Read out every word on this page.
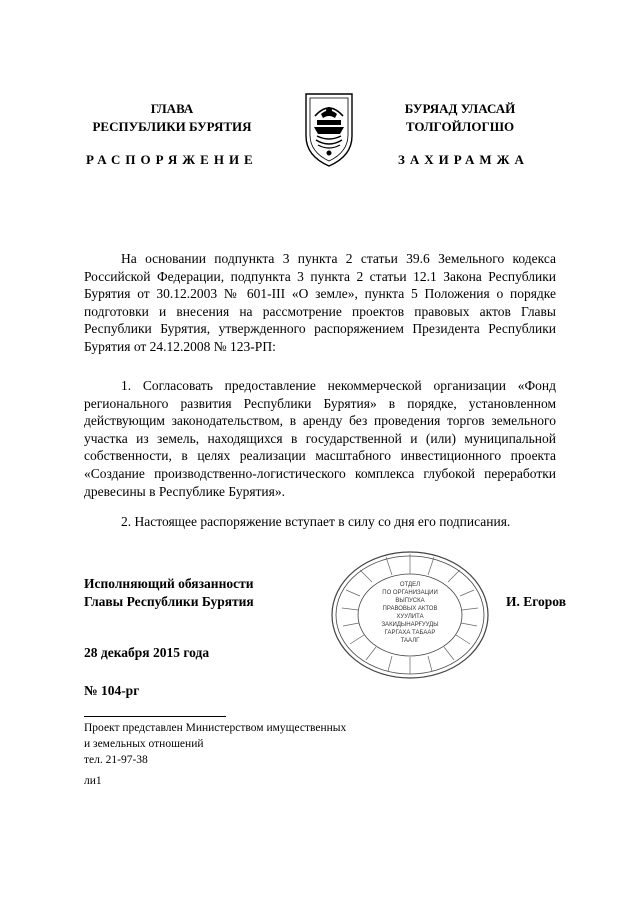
ГЛАВА
РЕСПУБЛИКИ БУРЯТИЯ
БУРЯАД УЛАСАЙ
ТОЛГОЙЛОГШО
РАСПОРЯЖЕНИЕ	ЗАХИРАМЖА
На основании подпункта 3 пункта 2 статьи 39.6 Земельного кодекса Российской Федерации, подпункта 3 пункта 2 статьи 12.1 Закона Республики Бурятия от 30.12.2003 № 601-III «О земле», пункта 5 Положения о порядке подготовки и внесения на рассмотрение проектов правовых актов Главы Республики Бурятия, утвержденного распоряжением Президента Республики Бурятия от 24.12.2008 № 123-РП:
1. Согласовать предоставление некоммерческой организации «Фонд регионального развития Республики Бурятия» в порядке, установленном действующим законодательством, в аренду без проведения торгов земельного участка из земель, находящихся в государственной и (или) муниципальной собственности, в целях реализации масштабного инвестиционного проекта «Создание производственно-логистического комплекса глубокой переработки древесины в Республике Бурятия».
2. Настоящее распоряжение вступает в силу со дня его подписания.
Исполняющий обязанности
Главы Республики Бурятия
ОТДЕЛ
ПО ОРГАНИЗАЦИИ
ВЫПУСКА
ПРАВОВЫХ АКТОВ
ХУУЛИТА
ЗАКИДЫНАРҒУУДЫ
ГАРГАХА ТАБААР
ТААЛГ
И. Егоров
28 декабря 2015 года
№ 104-рг
Проект представлен Министерством имущественных
и земельных отношений
тел. 21-97-38
ли1
